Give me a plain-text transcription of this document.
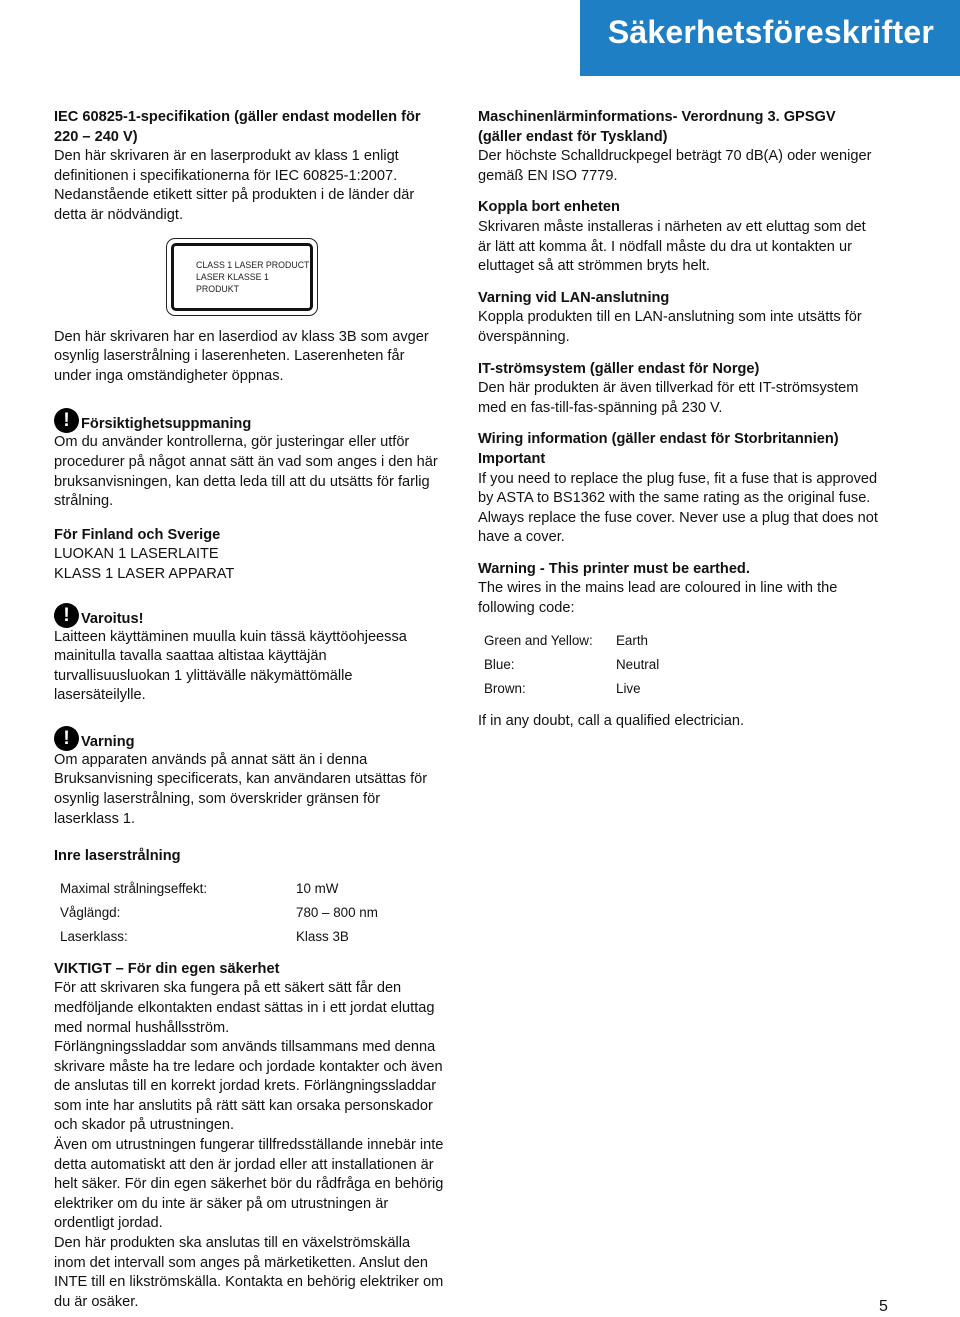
Säkerhetsföreskrifter
IEC 60825-1-specifikation (gäller endast modellen för 220 – 240 V)
Den här skrivaren är en laserprodukt av klass 1 enligt definitionen i specifikationerna för IEC 60825-1:2007. Nedanstående etikett sitter på produkten i de länder där detta är nödvändigt.
CLASS 1 LASER PRODUCT
LASER KLASSE 1 PRODUKT
Den här skrivaren har en laserdiod av klass 3B som avger osynlig laserstrålning i laserenheten. Laserenheten får under inga omständigheter öppnas.
! Försiktighetsuppmaning
Om du använder kontrollerna, gör justeringar eller utför procedurer på något annat sätt än vad som anges i den här bruksanvisningen, kan detta leda till att du utsätts för farlig strålning.
För Finland och Sverige
LUOKAN 1 LASERLAITE
KLASS 1 LASER APPARAT
! Varoitus!
Laitteen käyttäminen muulla kuin tässä käyttöohjeessa mainitulla tavalla saattaa altistaa käyttäjän turvallisuusluokan 1 ylittävälle näkymättömälle lasersäteilylle.
! Varning
Om apparaten används på annat sätt än i denna Bruksanvisning specificerats, kan användaren utsättas för osynlig laserstrålning, som överskrider gränsen för laserklass 1.
Inre laserstrålning
Maximal strålningseffekt:	10 mW
Våglängd:	780 – 800 nm
Laserklass:	Klass 3B
VIKTIGT – För din egen säkerhet
För att skrivaren ska fungera på ett säkert sätt får den medföljande elkontakten endast sättas in i ett jordat eluttag med normal hushållsström.
Förlängningssladdar som används tillsammans med denna skrivare måste ha tre ledare och jordade kontakter och även de anslutas till en korrekt jordad krets. Förlängningssladdar som inte har anslutits på rätt sätt kan orsaka personskador och skador på utrustningen.
Även om utrustningen fungerar tillfredsställande innebär inte detta automatiskt att den är jordad eller att installationen är helt säker. För din egen säkerhet bör du rådfråga en behörig elektriker om du inte är säker på om utrustningen är ordentligt jordad.
Den här produkten ska anslutas till en växelströmskälla inom det intervall som anges på märketiketten. Anslut den INTE till en likströmskälla. Kontakta en behörig elektriker om du är osäker.
Maschinenlärminformations- Verordnung 3. GPSGV (gäller endast för Tyskland)
Der höchste Schalldruckpegel beträgt 70 dB(A) oder weniger gemäß EN ISO 7779.
Koppla bort enheten
Skrivaren måste installeras i närheten av ett eluttag som det är lätt att komma åt. I nödfall måste du dra ut kontakten ur eluttaget så att strömmen bryts helt.
Varning vid LAN-anslutning
Koppla produkten till en LAN-anslutning som inte utsätts för överspänning.
IT-strömsystem (gäller endast för Norge)
Den här produkten är även tillverkad för ett IT-strömsystem med en fas-till-fas-spänning på 230 V.
Wiring information (gäller endast för Storbritannien)
Important
If you need to replace the plug fuse, fit a fuse that is approved by ASTA to BS1362 with the same rating as the original fuse.
Always replace the fuse cover. Never use a plug that does not have a cover.
Warning - This printer must be earthed.
The wires in the mains lead are coloured in line with the following code:
Green and Yellow:	Earth
Blue:	Neutral
Brown:	Live
If in any doubt, call a qualified electrician.
5
